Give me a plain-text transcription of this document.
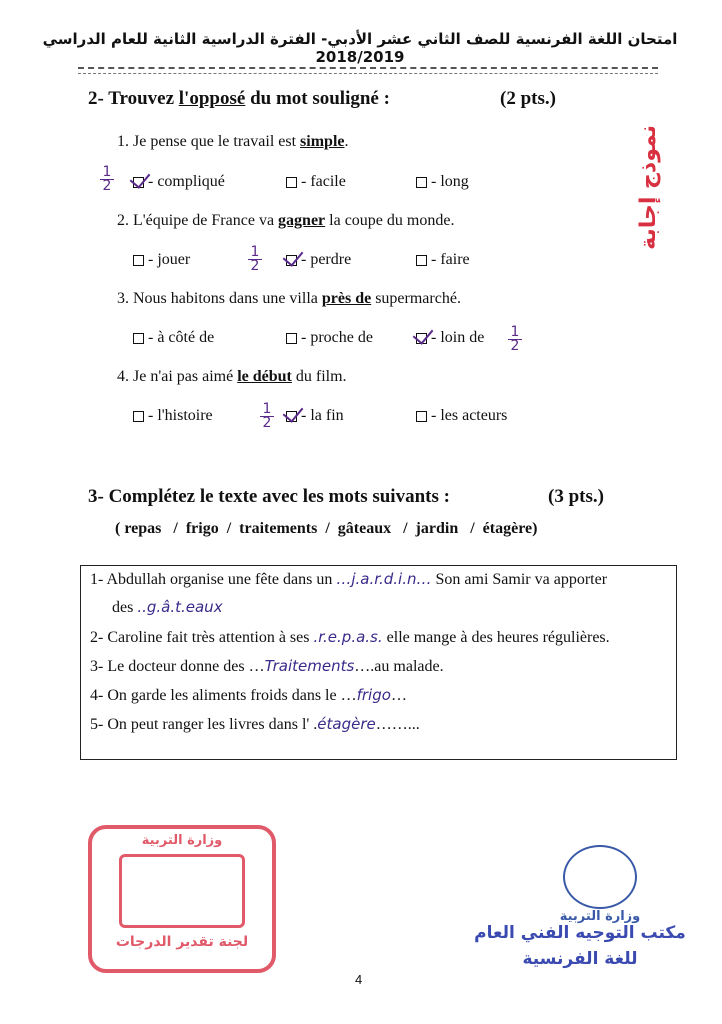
امتحان اللغة الفرنسية للصف الثاني عشر الأدبي- الفترة الدراسية الثانية للعام الدراسي 2018/2019
نموذج إجابة
2- Trouvez l'opposé du mot souligné :	(2 pts.)
1. Je pense que le travail est simple.
$\frac{1}{2}$ - compliqué	- facile	- long
2. L'équipe de France va gagner la coupe du monde.
- jouer	$\frac{1}{2}$ - perdre	- faire
3. Nous habitons dans une villa près de supermarché.
- à côté de	- proche de	- loin de $\frac{1}{2}$
4. Je n'ai pas aimé le début du film.
- l'histoire	$\frac{1}{2}$ - la fin	- les acteurs
3- Complétez le texte avec les mots suivants :	(3 pts.)
( repas   /  frigo  /  traitements  /  gâteaux   /  jardin   /  étagère)
1- Abdullah organise une fête dans un …j.a.r.d.i.n… Son ami Samir va apporter
des ..g.â.t.eaux
2- Caroline fait très attention à ses .r.e.p.a.s. elle mange à des heures régulières.
3- Le docteur donne des …Traitements….au malade.
4- On garde les aliments froids dans le …frigo…
5- On peut ranger les livres dans l' .étagère……...
وزارة التربية
لجنة تقدير الدرجات
وزارة التربية
مكتب التوجيه الفني العام
للغة الفرنسية
4
